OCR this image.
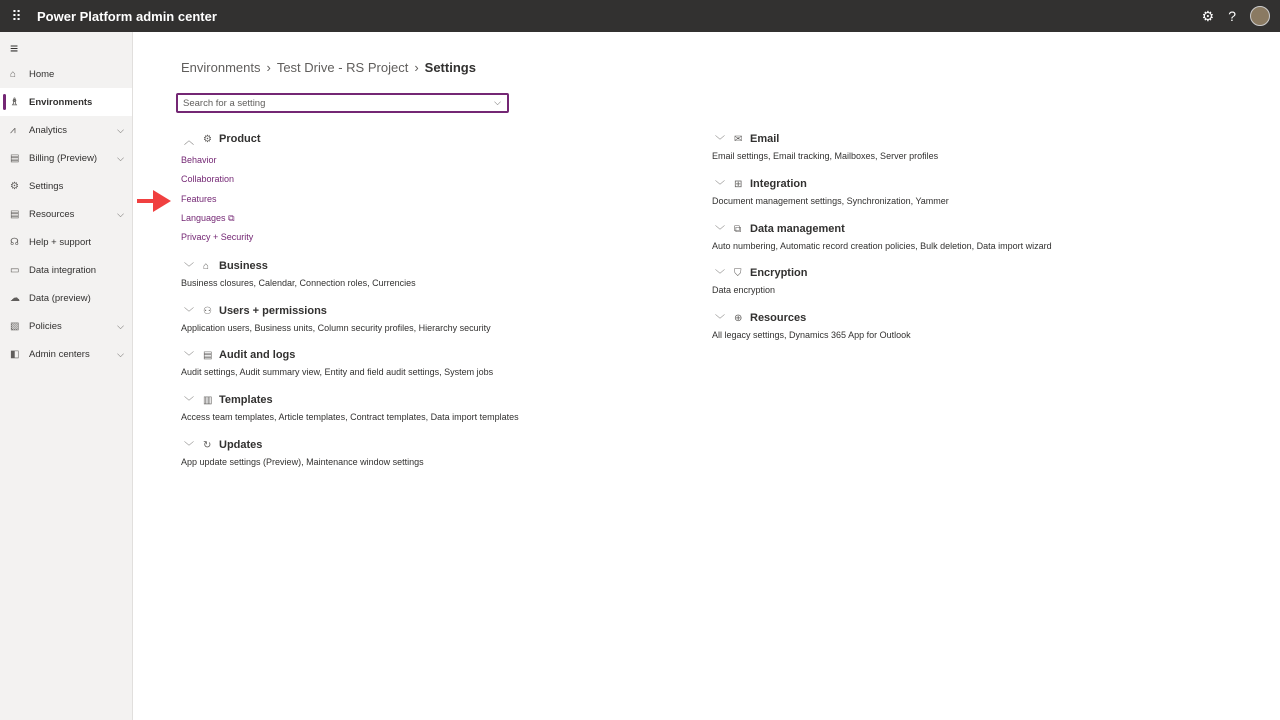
⠿	Power Platform admin center	⚙ ?
≡
⌂	Home
♗	Environments
⩘	Analytics	⌵
▤	Billing (Preview) ⌵
⚙	Settings
▤	Resources	⌵
☊	Help + support
▭	Data integration
☁ Data (preview)
▧	Policies	⌵
◧	Admin centers	⌵
Environments › Test Drive - RS Project › Settings
Search for a setting	⌵
︿ ⚙ Product
Behavior
Collaboration
Features
Languages ⧉
Privacy + Security
﹀ ⌂ Business
Business closures, Calendar, Connection roles, Currencies
﹀ ⚇ Users + permissions
Application users, Business units, Column security profiles, Hierarchy security
﹀ ▤ Audit and logs
Audit settings, Audit summary view, Entity and field audit settings, System jobs
﹀ ▥ Templates
Access team templates, Article templates, Contract templates, Data import templates
﹀ ↻ Updates
App update settings (Preview), Maintenance window settings
﹀ ✉ Email
Email settings, Email tracking, Mailboxes, Server profiles
﹀ ⊞ Integration
Document management settings, Synchronization, Yammer
﹀ ⧉ Data management
Auto numbering, Automatic record creation policies, Bulk deletion, Data import wizard
﹀ ⛉ Encryption
Data encryption
﹀ ⊕ Resources
All legacy settings, Dynamics 365 App for Outlook
